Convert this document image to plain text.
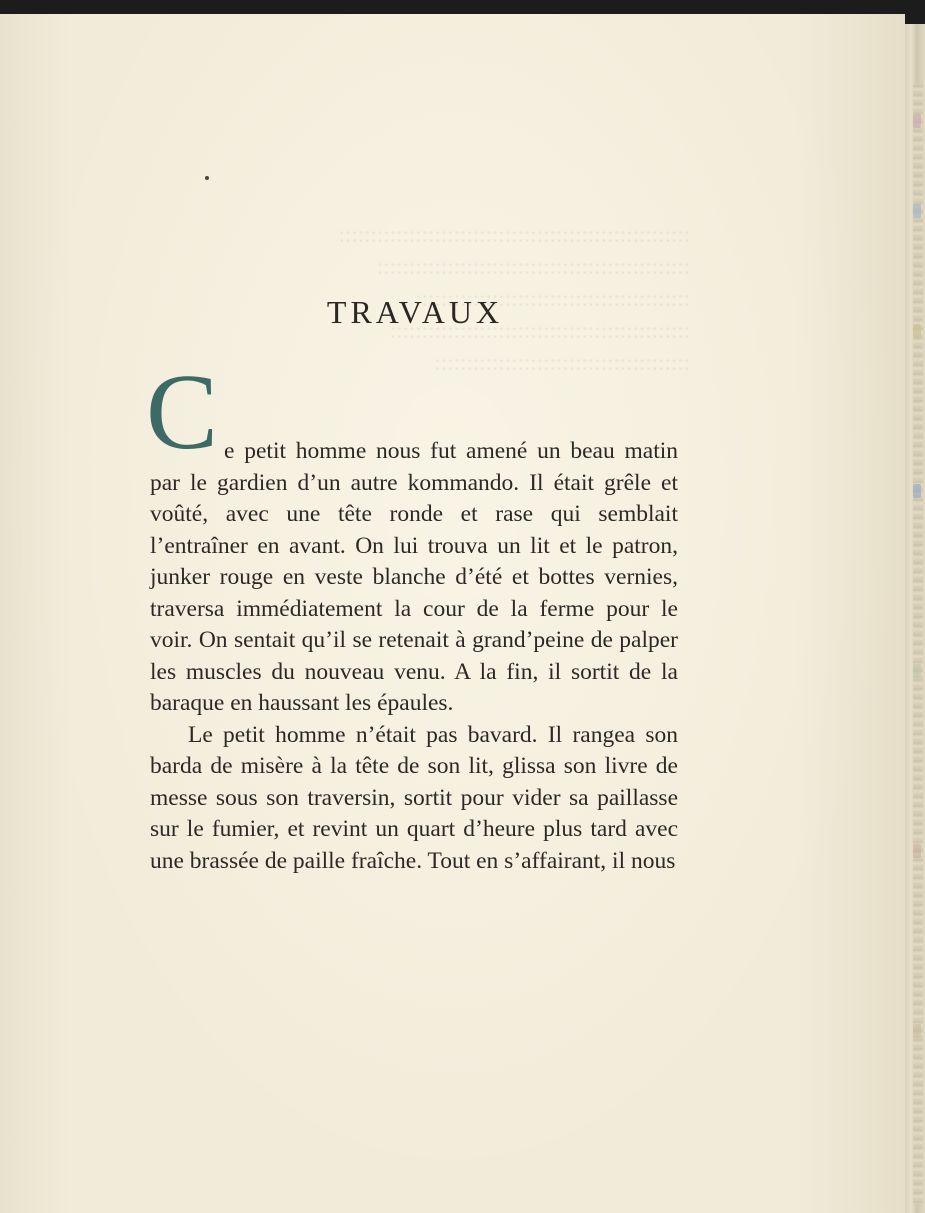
::::::::::::::::::::::::::::::::::::::::::::::::::::::: ::::::::::::::::::::::::::::::::::::::::::::::::: ::::::::::::::::::::::::::::::::::::::::::: ::::::::::::::::::::::::::::::::::::::::::::::: ::::::::::::::::::::::::::::::::::::::::
TRAVAUX

Ce petit homme nous fut amené un beau matin par le gardien d’un autre kommando. Il était grêle et voûté, avec une tête ronde et rase qui semblait l’entraîner en avant. On lui trouva un lit et le patron, junker rouge en veste blanche d’été et bottes vernies, traversa immédiatement la cour de la ferme pour le voir. On sentait qu’il se retenait à grand’peine de palper les muscles du nouveau venu. A la fin, il sortit de la baraque en haussant les épaules.

Le petit homme n’était pas bavard. Il rangea son barda de misère à la tête de son lit, glissa son livre de messe sous son traversin, sortit pour vider sa paillasse sur le fumier, et revint un quart d’heure plus tard avec une brassée de paille fraîche. Tout en s’affairant, il nous
